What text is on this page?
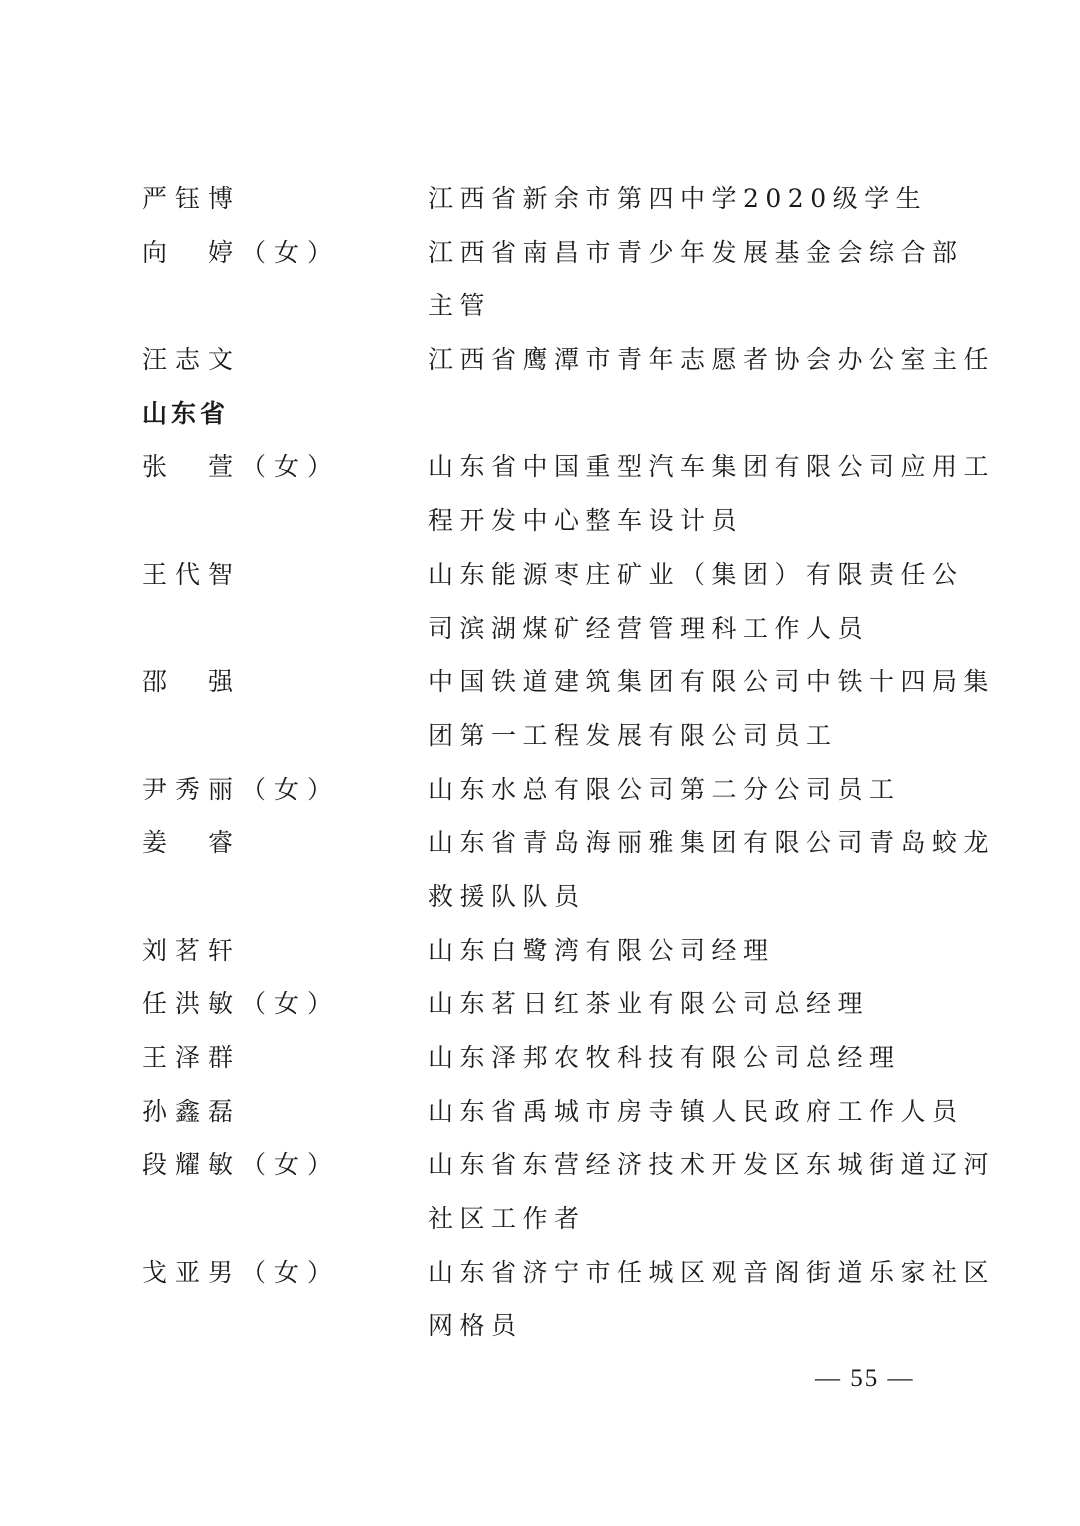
严钰博	江西省新余市第四中学2020级学生
向　婷（女）	江西省南昌市青少年发展基金会综合部
主管
汪志文	江西省鹰潭市青年志愿者协会办公室主任
山东省
张　萱（女）	山东省中国重型汽车集团有限公司应用工
程开发中心整车设计员
王代智	山东能源枣庄矿业（集团）有限责任公
司滨湖煤矿经营管理科工作人员
邵　强	中国铁道建筑集团有限公司中铁十四局集
团第一工程发展有限公司员工
尹秀丽（女）	山东水总有限公司第二分公司员工
姜　睿	山东省青岛海丽雅集团有限公司青岛蛟龙
救援队队员
刘茗轩	山东白鹭湾有限公司经理
任洪敏（女）	山东茗日红茶业有限公司总经理
王泽群	山东泽邦农牧科技有限公司总经理
孙鑫磊	山东省禹城市房寺镇人民政府工作人员
段耀敏（女）	山东省东营经济技术开发区东城街道辽河
社区工作者
戈亚男（女）	山东省济宁市任城区观音阁街道乐家社区
网格员
— 55 —
